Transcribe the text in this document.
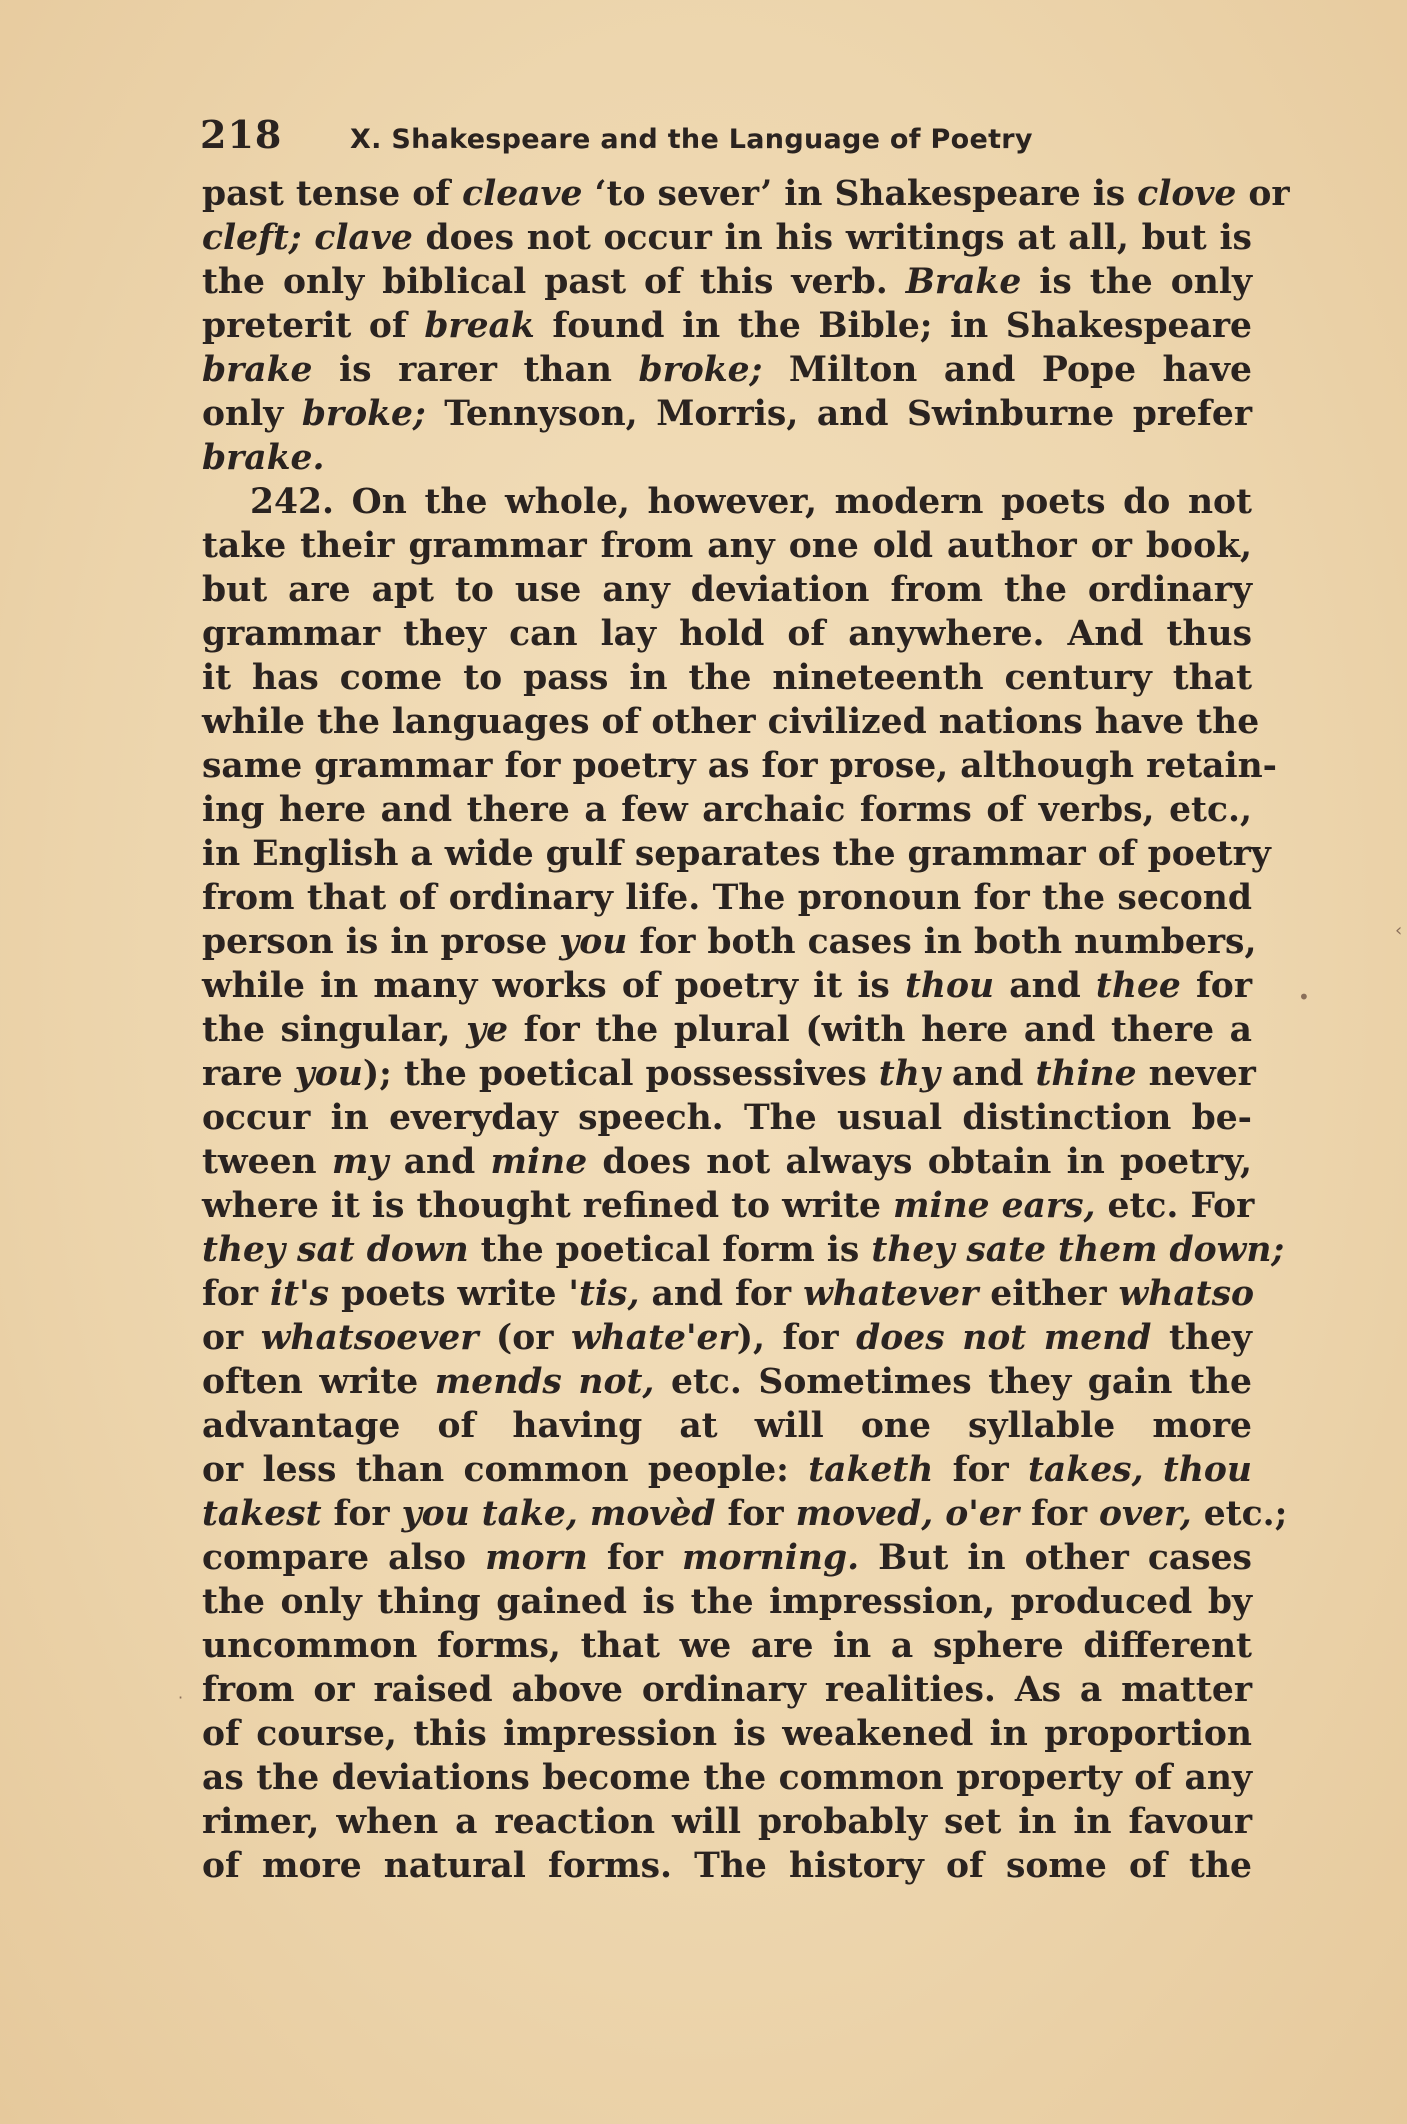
218	X. Shakespeare and the Language of Poetry
past tense of cleave ‘to sever’ in Shakespeare is clove or
cleft; clave does not occur in his writings at all, but is
the only biblical past of this verb. Brake is the only
preterit of break found in the Bible; in Shakespeare
brake is rarer than broke; Milton and Pope have
only broke; Tennyson, Morris, and Swinburne prefer
brake.
242. On the whole, however, modern poets do not
take their grammar from any one old author or book,
but are apt to use any deviation from the ordinary
grammar they can lay hold of anywhere. And thus
it has come to pass in the nineteenth century that
while the languages of other civilized nations have the
same grammar for poetry as for prose, although retain-
ing here and there a few archaic forms of verbs, etc.,
in English a wide gulf separates the grammar of poetry
from that of ordinary life. The pronoun for the second
person is in prose you for both cases in both numbers,
while in many works of poetry it is thou and thee for
the singular, ye for the plural (with here and there a
rare you); the poetical possessives thy and thine never
occur in everyday speech. The usual distinction be-
tween my and mine does not always obtain in poetry,
where it is thought refined to write mine ears, etc. For
they sat down the poetical form is they sate them down;
for it's poets write 'tis, and for whatever either whatso
or whatsoever (or whate'er), for does not mend they
often write mends not, etc. Sometimes they gain the
advantage of having at will one syllable more
or less than common people: taketh for takes, thou
takest for you take, movèd for moved, o'er for over, etc.;
compare also morn for morning. But in other cases
the only thing gained is the impression, produced by
uncommon forms, that we are in a sphere different
from or raised above ordinary realities. As a matter
of course, this impression is weakened in proportion
as the deviations become the common property of any
rimer, when a reaction will probably set in in favour
of more natural forms. The history of some of the
‹
•
·
